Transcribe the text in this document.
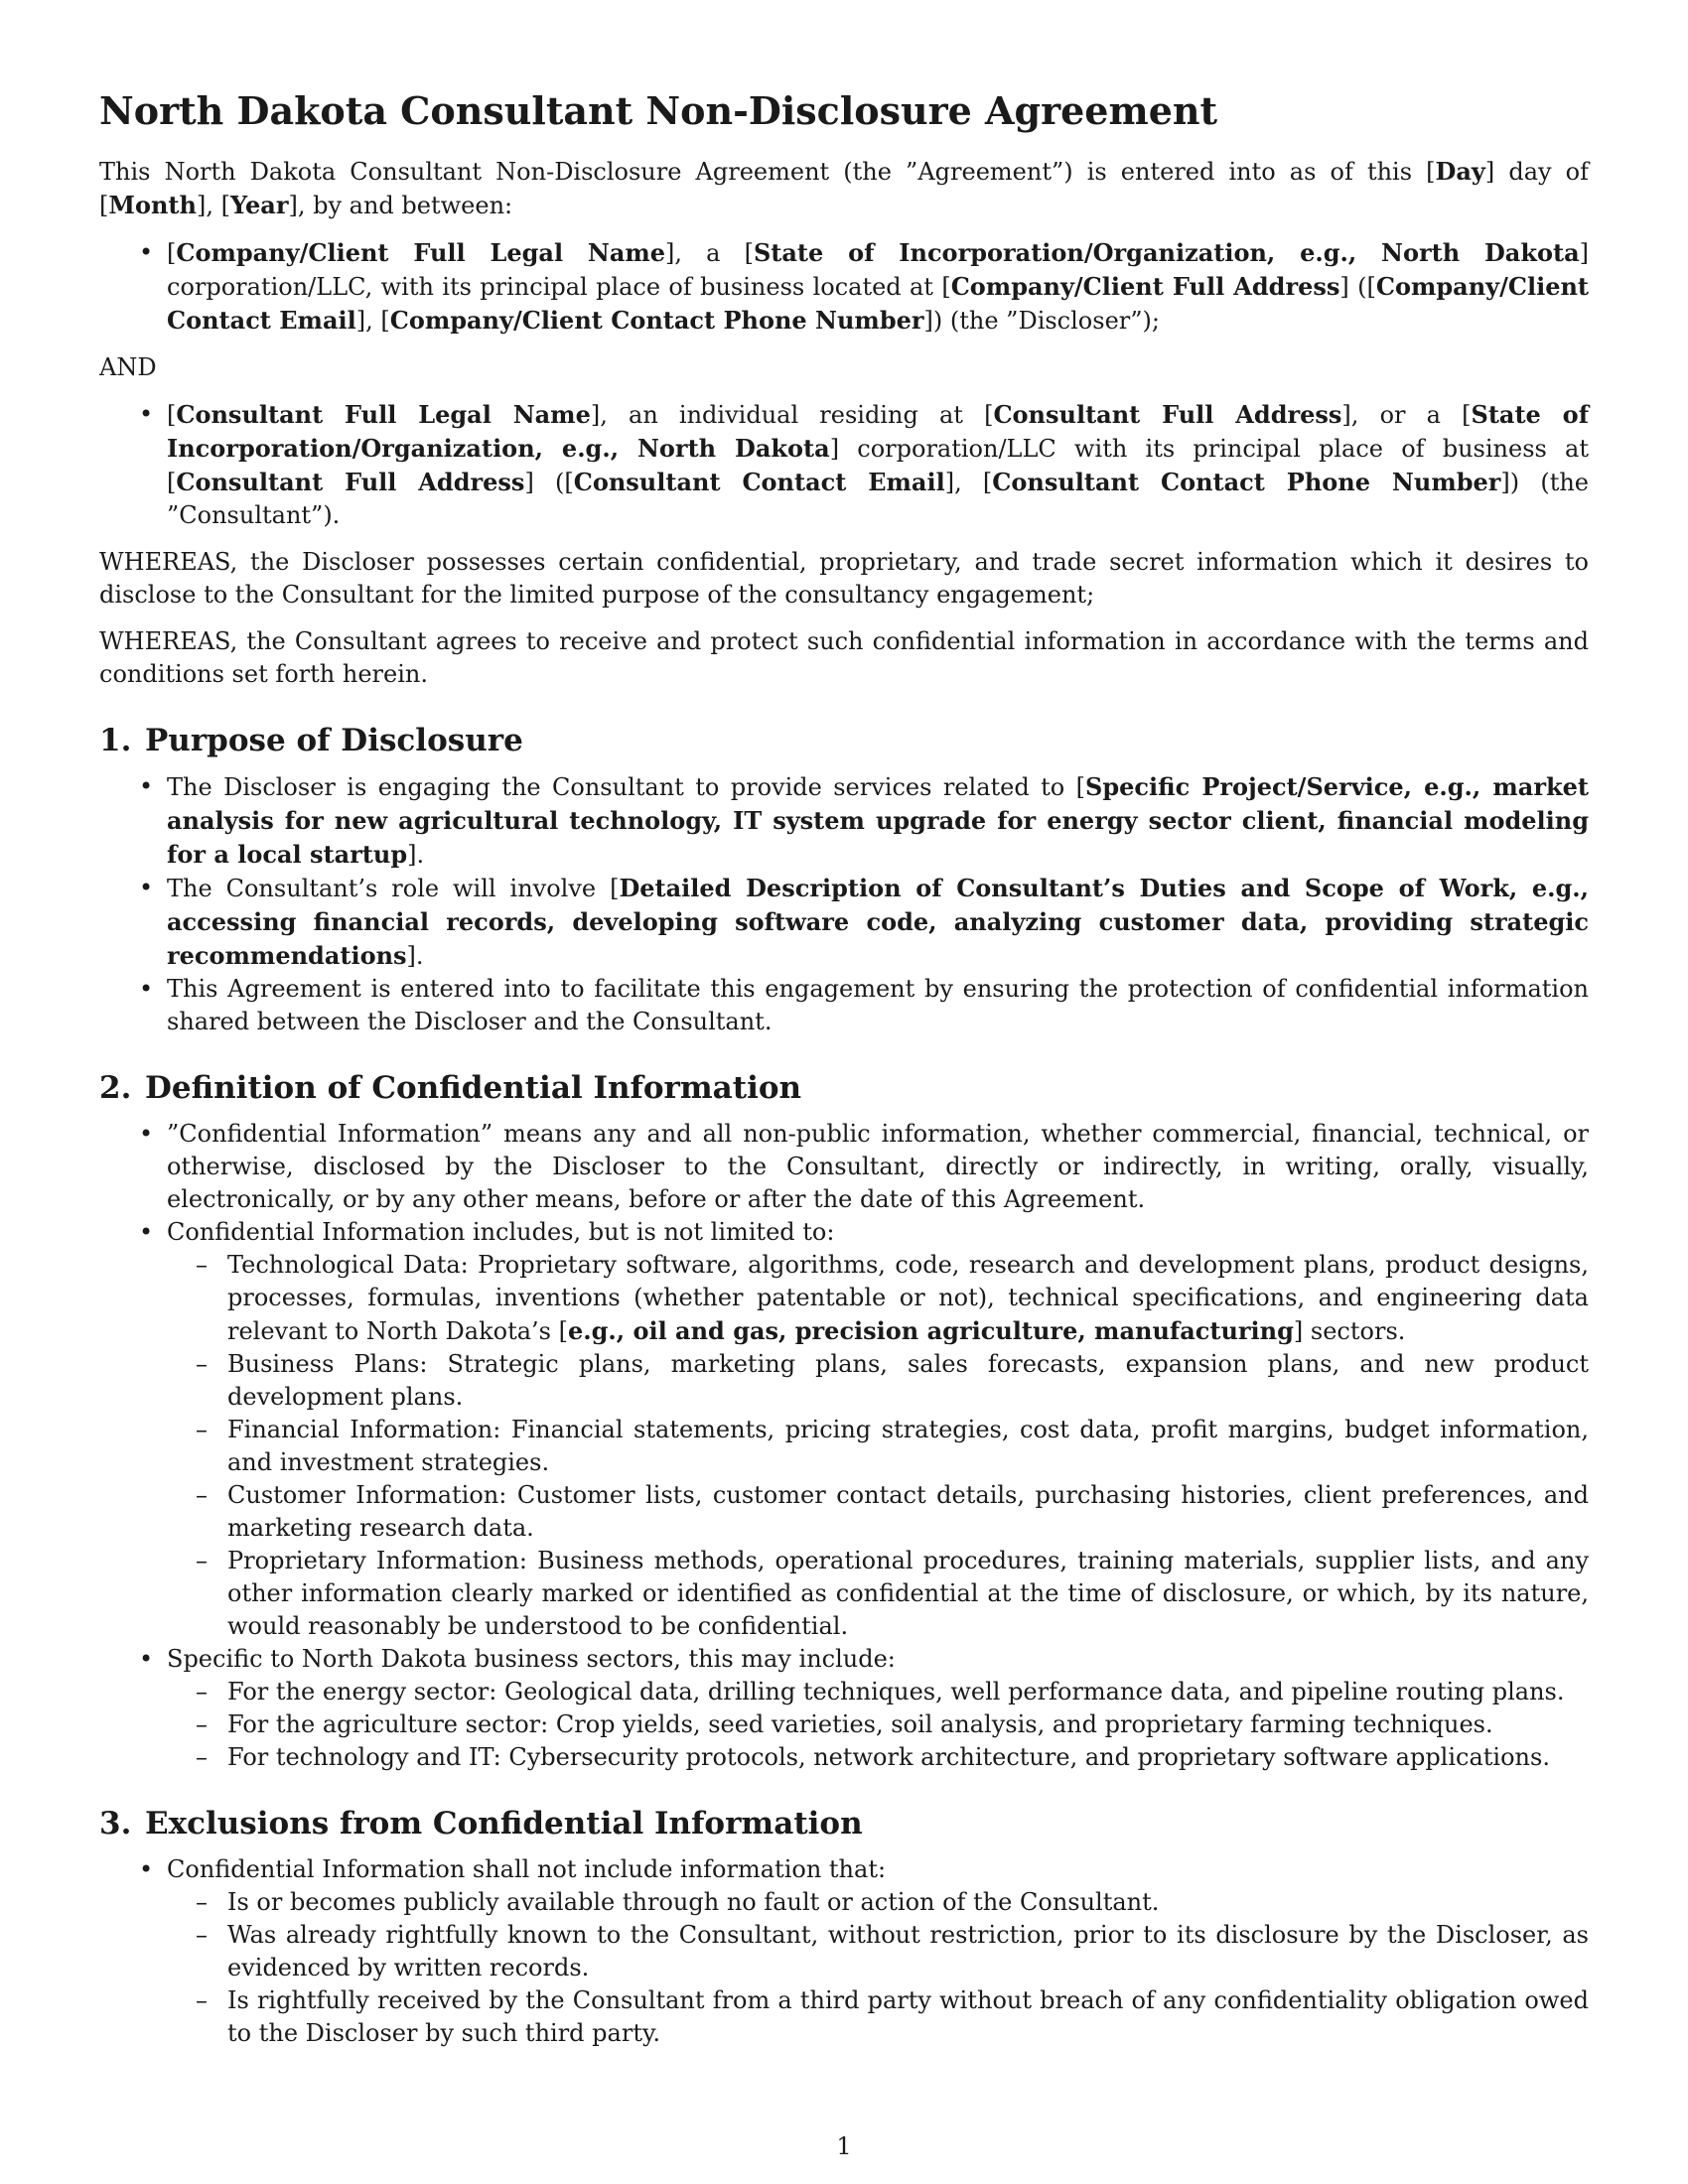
North Dakota Consultant Non-Disclosure Agreement

This North Dakota Consultant Non-Disclosure Agreement (the ”Agreement”) is entered into as of this [Day] day of [Month], [Year], by and between:

• [Company/Client Full Legal Name], a [State of Incorporation/Organization, e.g., North Dakota] corporation/LLC, with its principal place of business located at [Company/Client Full Address] ([Company/Client Contact Email], [Company/Client Contact Phone Number]) (the ”Discloser”);

AND

• [Consultant Full Legal Name], an individual residing at [Consultant Full Address], or a [State of Incorporation/Organization, e.g., North Dakota] corporation/LLC with its principal place of business at [Consultant Full Address] ([Consultant Contact Email], [Consultant Contact Phone Number]) (the ”Consultant”).

WHEREAS, the Discloser possesses certain confidential, proprietary, and trade secret information which it desires to disclose to the Consultant for the limited purpose of the consultancy engagement;

WHEREAS, the Consultant agrees to receive and protect such confidential information in accordance with the terms and conditions set forth herein.

1. Purpose of Disclosure
• The Discloser is engaging the Consultant to provide services related to [Specific Project/Service, e.g., market analysis for new agricultural technology, IT system upgrade for energy sector client, financial modeling for a local startup].
• The Consultant’s role will involve [Detailed Description of Consultant’s Duties and Scope of Work, e.g., accessing financial records, developing software code, analyzing customer data, providing strategic recommendations].
• This Agreement is entered into to facilitate this engagement by ensuring the protection of confidential information shared between the Discloser and the Consultant.
2. Definition of Confidential Information
• ”Confidential Information” means any and all non-public information, whether commercial, financial, technical, or otherwise, disclosed by the Discloser to the Consultant, directly or indirectly, in writing, orally, visually, electronically, or by any other means, before or after the date of this Agreement.
• Confidential Information includes, but is not limited to:
– Technological Data: Proprietary software, algorithms, code, research and development plans, product designs, processes, formulas, inventions (whether patentable or not), technical specifications, and engineering data relevant to North Dakota’s [e.g., oil and gas, precision agriculture, manufacturing] sectors.
– Business Plans: Strategic plans, marketing plans, sales forecasts, expansion plans, and new product development plans.
– Financial Information: Financial statements, pricing strategies, cost data, profit margins, budget information, and investment strategies.
– Customer Information: Customer lists, customer contact details, purchasing histories, client preferences, and marketing research data.
– Proprietary Information: Business methods, operational procedures, training materials, supplier lists, and any other information clearly marked or identified as confidential at the time of disclosure, or which, by its nature, would reasonably be understood to be confidential.
• Specific to North Dakota business sectors, this may include:
– For the energy sector: Geological data, drilling techniques, well performance data, and pipeline routing plans.
– For the agriculture sector: Crop yields, seed varieties, soil analysis, and proprietary farming techniques.
– For technology and IT: Cybersecurity protocols, network architecture, and proprietary software applications.
3. Exclusions from Confidential Information
• Confidential Information shall not include information that:
– Is or becomes publicly available through no fault or action of the Consultant.
– Was already rightfully known to the Consultant, without restriction, prior to its disclosure by the Discloser, as evidenced by written records.
– Is rightfully received by the Consultant from a third party without breach of any confidentiality obligation owed to the Discloser by such third party.
1
